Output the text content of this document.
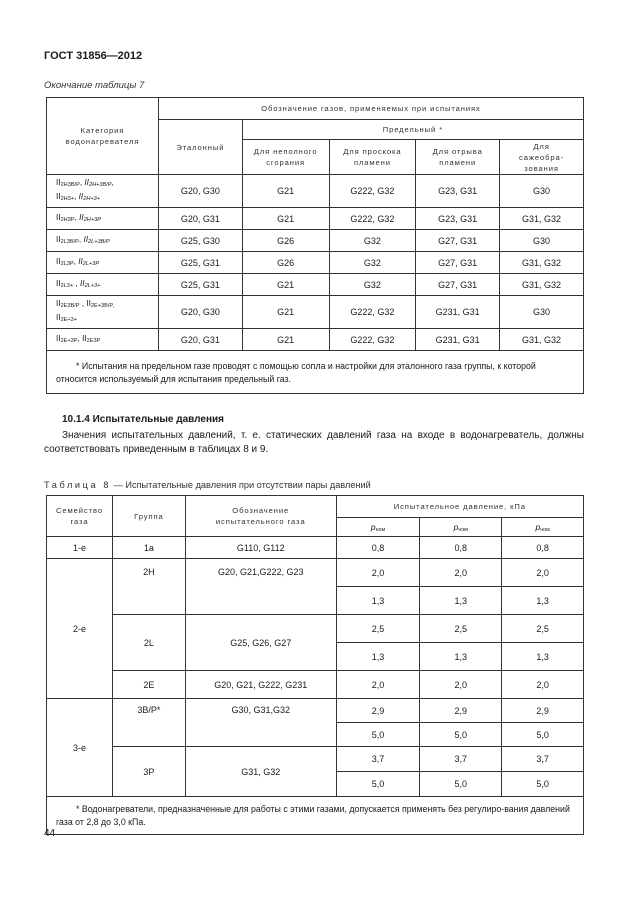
ГОСТ 31856—2012
Окончание таблицы 7
Категория водонагревателя	Обозначение газов, применяемых при испытаниях				
	Эталонный	Предельный *			
		Для неполного сгорания	Для проскока пламени	Для отрыва пламени	Для сажеобра-зования
$II_{2H3B/P}$, $II_{2H+3B/P}$,
$II_{2H3+}$, $II_{2H+3+}$	G20, G30	G21	G222, G32	G23, G31	G30
$II_{2H3P}$, $II_{2H+3P}$	G20, G31	G21	G222, G32	G23, G31	G31, G32
$II_{2L3B/P}$, $II_{2L+3B/P}$	G25, G30	G26	G32	G27, G31	G30
$II_{2L3P}$, $II_{2L+3P}$	G25, G31	G26	G32	G27, G31	G31, G32
$II_{2L3+}$ , $II_{2L+3+}$	G25, G31	G21	G32	G27, G31	G31, G32
$II_{2E3B/P}$ , $II_{2E+3B/P,}$
$II_{2E+3+}$	G20, G30	G21	G222, G32	G231, G31	G30
$II_{2E+3P}$, $II_{2E3P}$	G20, G31	G21	G222, G32	G231, G31	G31, G32
* Испытания на предельном газе проводят с помощью сопла и настройки для эталонного газа группы, к которой относится используемый для испытания предельный газ.					
10.1.4 Испытательные давления
Значения испытательных давлений, т. е. статических давлений газа на входе в водонагреватель, должны соответствовать приведенным в таблицах 8 и 9.
Таблица 8 — Испытательные давления при отсутствии пары давлений
Семейство газа	Группа	Обозначение испытательного газа	Испытательное давление, кПа		
			$p_{ном}$	$p_{ном}$	$p_{ном}$
1-е	1a	G110, G112	0,8	0,8	0,8
2-е	2H	G20, G21,G222, G23	2,0	2,0	2,0
			1,3	1,3	1,3
	2L	G25, G26, G27	2,5	2,5	2,5
			1,3	1,3	1,3
	2E	G20, G21, G222, G231	2,0	2,0	2,0
3-е	3B/P*	G30, G31,G32	2,9	2,9	2,9
			5,0	5,0	5,0
	3P	G31, G32	3,7	3,7	3,7
			5,0	5,0	5,0
* Водонагреватели, предназначенные для работы с этими газами, допускается применять без регулиро-вания давлений газа от 2,8 до 3,0 кПа.					
44
